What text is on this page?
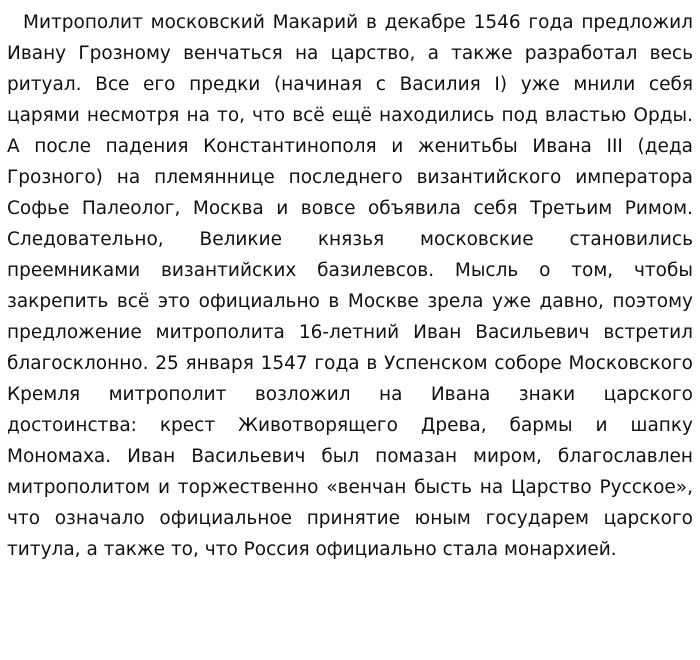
Митрополит московский Макарий в декабре 1546 года предложил Ивану Грозному венчаться на царство, а также разработал весь ритуал. Все его предки (начиная с Василия I) уже мнили себя царями несмотря на то, что всё ещё находились под властью Орды. А после падения Константинополя и женитьбы Ивана III (деда Грозного) на племяннице последнего византийского императора Софье Палеолог, Москва и вовсе объявила себя Третьим Римом. Следовательно, Великие князья московские становились преемниками византийских базилевсов. Мысль о том, чтобы закрепить всё это официально в Москве зрела уже давно, поэтому предложение митрополита 16-летний Иван Васильевич встретил благосклонно. 25 января 1547 года в Успенском соборе Московского Кремля митрополит возложил на Ивана знаки царского достоинства: крест Животворящего Древа, бармы и шапку Мономаха. Иван Васильевич был помазан миром, благославлен митрополитом и торжественно «венчан бысть на Царство Русское», что означало официальное принятие юным государем царского титула, а также то, что Россия официально стала монархией.
